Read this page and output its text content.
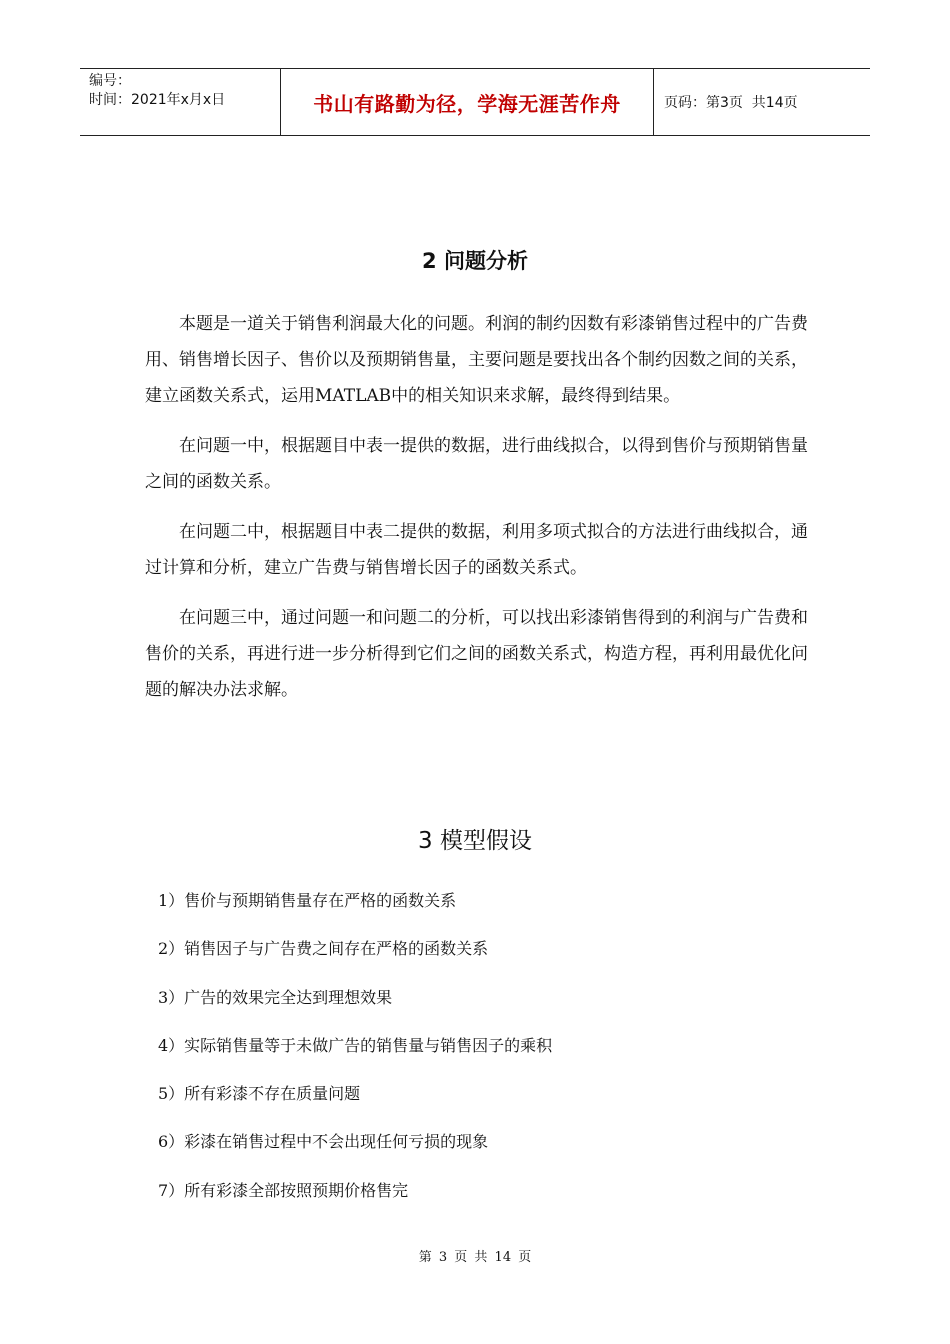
编号：
时间：2021年x月x日	书山有路勤为径，学海无涯苦作舟	页码：第3页  共14页
2 问题分析

本题是一道关于销售利润最大化的问题。利润的制约因数有彩漆销售过程中的广告费用、销售增长因子、售价以及预期销售量，主要问题是要找出各个制约因数之间的关系，建立函数关系式，运用MATLAB中的相关知识来求解，最终得到结果。

在问题一中，根据题目中表一提供的数据，进行曲线拟合，以得到售价与预期销售量之间的函数关系。

在问题二中，根据题目中表二提供的数据，利用多项式拟合的方法进行曲线拟合，通过计算和分析，建立广告费与销售增长因子的函数关系式。

在问题三中，通过问题一和问题二的分析，可以找出彩漆销售得到的利润与广告费和售价的关系，再进行进一步分析得到它们之间的函数关系式，构造方程，再利用最优化问题的解决办法求解。

3 模型假设
1）售价与预期销售量存在严格的函数关系
2）销售因子与广告费之间存在严格的函数关系
3）广告的效果完全达到理想效果
4）实际销售量等于未做广告的销售量与销售因子的乘积
5）所有彩漆不存在质量问题
6）彩漆在销售过程中不会出现任何亏损的现象
7）所有彩漆全部按照预期价格售完
第 3 页 共 14 页
